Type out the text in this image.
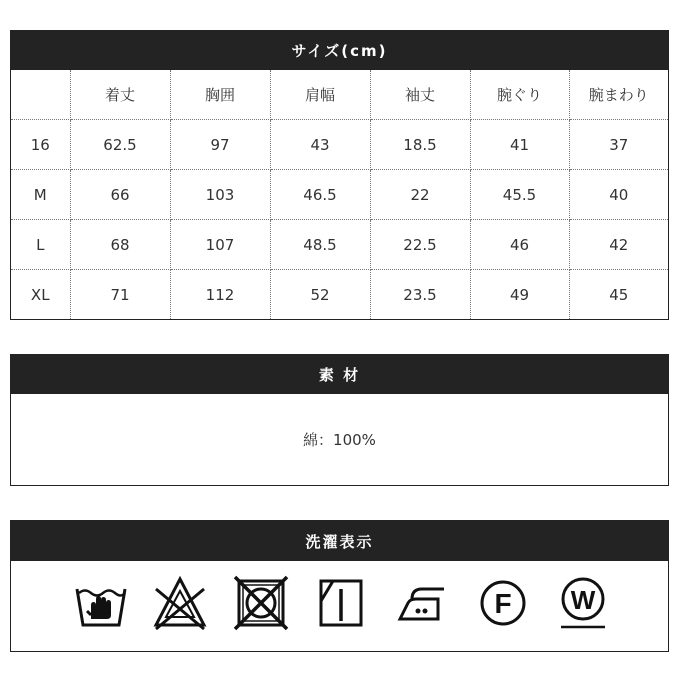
サイズ(cm)
	着丈	胸囲	肩幅	袖丈	腕ぐり	腕まわり
16	62.5	97	43	18.5	41	37
M	66	103	46.5	22	45.5	40
L	68	107	48.5	22.5	46	42
XL	71	112	52	23.5	49	45
素 材
綿：100%
洗濯表示
F W
